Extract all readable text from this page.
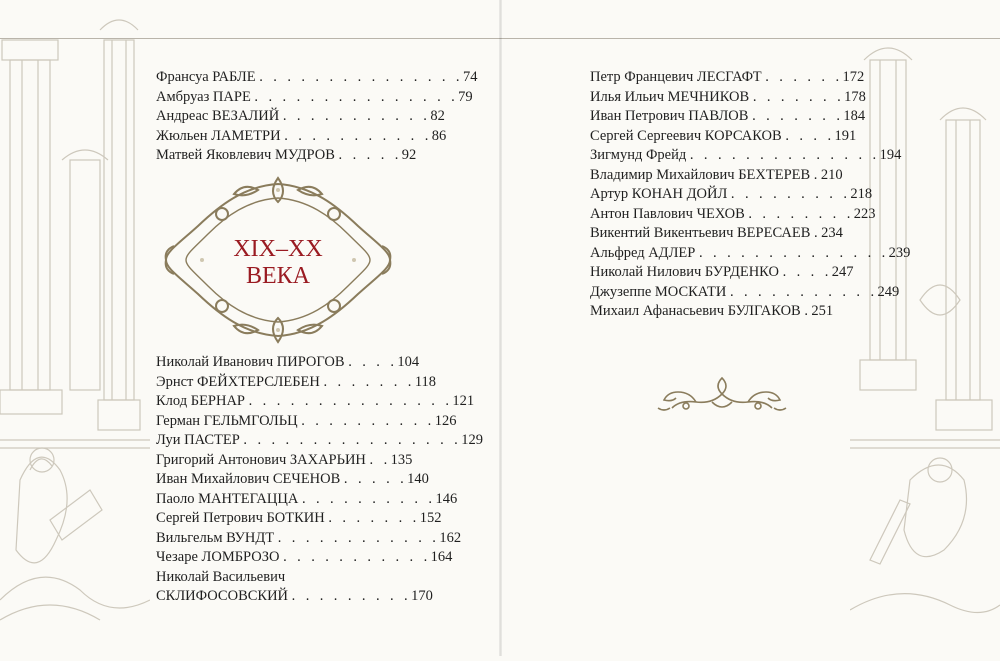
Франсуа РАБЛЕ . . . . . . . . . . . . . . .74
Амбруаз ПАРЕ . . . . . . . . . . . . . . .79
Андреас ВЕЗАЛИЙ . . . . . . . . . . .82
Жюльен ЛАМЕТРИ . . . . . . . . . . .86
Матвей Яковлевич МУДРОВ . . . . .92
XIX–XX
ВЕКА
Николай Иванович ПИРОГОВ . . . .104
Эрнст ФЕЙХТЕРСЛЕБЕН . . . . . . .118
Клод БЕРНАР . . . . . . . . . . . . . . .121
Герман ГЕЛЬМГОЛЬЦ . . . . . . . . . .126
Луи ПАСТЕР . . . . . . . . . . . . . . . .129
Григорий Антонович ЗАХАРЬИН . .135
Иван Михайлович СЕЧЕНОВ . . . . .140
Паоло МАНТЕГАЦЦА . . . . . . . . . .146
Сергей Петрович БОТКИН . . . . . . .152
Вильгельм ВУНДТ . . . . . . . . . . . .162
Чезаре ЛОМБРОЗО . . . . . . . . . . .164
Николай Васильевич
СКЛИФОСОВСКИЙ . . . . . . . . .170
Петр Францевич ЛЕСГАФТ . . . . . .172
Илья Ильич МЕЧНИКОВ . . . . . . .178
Иван Петрович ПАВЛОВ . . . . . . .184
Сергей Сергеевич КОРСАКОВ . . . .191
Зигмунд Фрейд . . . . . . . . . . . . . .194
Владимир Михайлович БЕХТЕРЕВ .210
Артур КОНАН ДОЙЛ . . . . . . . . .218
Антон Павлович ЧЕХОВ . . . . . . . .223
Викентий Викентьевич ВЕРЕСАЕВ .234
Альфред АДЛЕР . . . . . . . . . . . . . .239
Николай Нилович БУРДЕНКО . . . .247
Джузеппе МОСКАТИ . . . . . . . . . . .249
Михаил Афанасьевич БУЛГАКОВ .251
